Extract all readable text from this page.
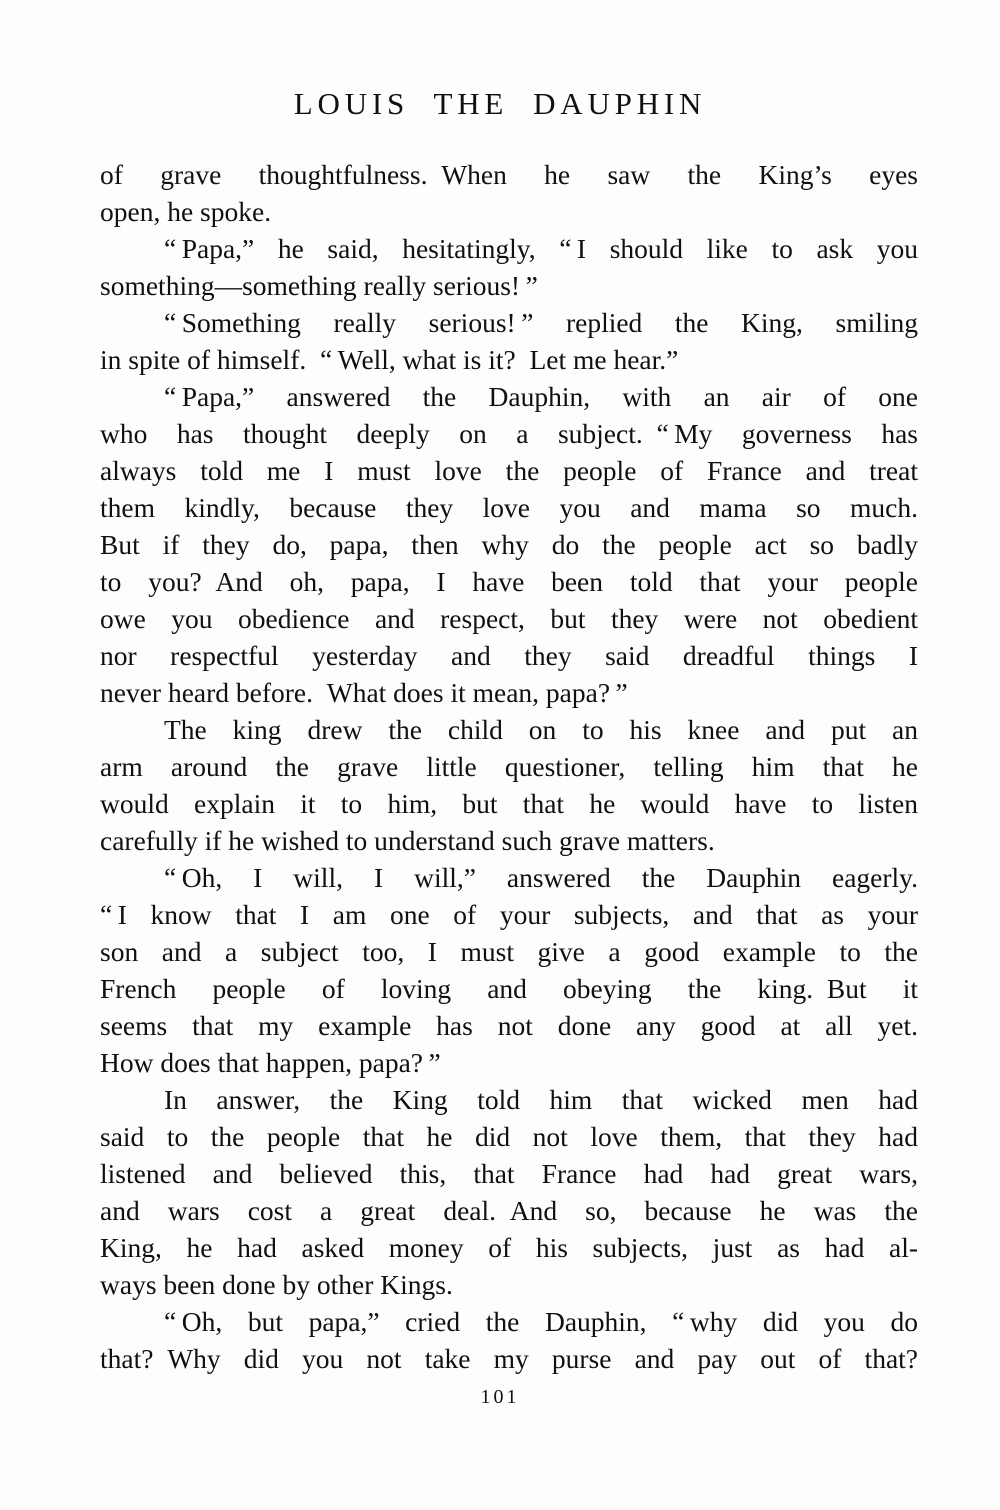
LOUIS THE DAUPHIN
of grave thoughtfulness. When he saw the King’s eyes
open, he spoke.
“ Papa,” he said, hesitatingly, “ I should like to ask you
something—something really serious! ”
“ Something really serious! ” replied the King, smiling
in spite of himself. “ Well, what is it? Let me hear.”
“ Papa,” answered the Dauphin, with an air of one
who has thought deeply on a subject. “ My governess has
always told me I must love the people of France and treat
them kindly, because they love you and mama so much.
But if they do, papa, then why do the people act so badly
to you? And oh, papa, I have been told that your people
owe you obedience and respect, but they were not obedient
nor respectful yesterday and they said dreadful things I
never heard before. What does it mean, papa? ”
The king drew the child on to his knee and put an
arm around the grave little questioner, telling him that he
would explain it to him, but that he would have to listen
carefully if he wished to understand such grave matters.
“ Oh, I will, I will,” answered the Dauphin eagerly.
“ I know that I am one of your subjects, and that as your
son and a subject too, I must give a good example to the
French people of loving and obeying the king. But it
seems that my example has not done any good at all yet.
How does that happen, papa? ”
In answer, the King told him that wicked men had
said to the people that he did not love them, that they had
listened and believed this, that France had had great wars,
and wars cost a great deal. And so, because he was the
King, he had asked money of his subjects, just as had al-
ways been done by other Kings.
“ Oh, but papa,” cried the Dauphin, “ why did you do
that? Why did you not take my purse and pay out of that?
101
